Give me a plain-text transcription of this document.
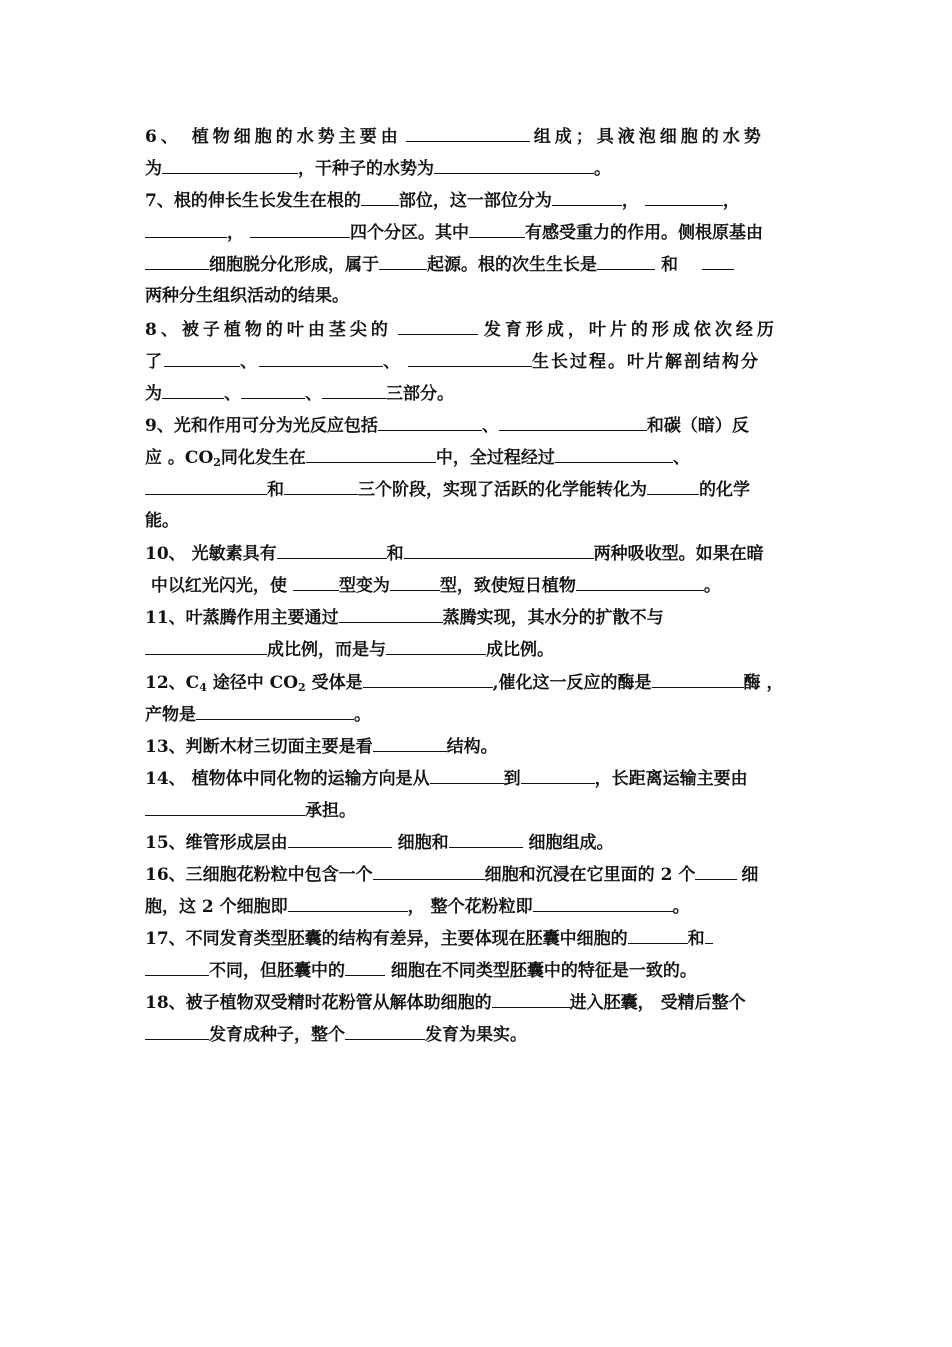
6、 植物细胞的水势主要由	组成；具液泡细胞的水势
为	，干种子的水势为	。
7、根的伸长生长发生在根的 部位，这一部位分为	，	，
，	四个分区。其中	有感受重力的作用。侧根原基由
细胞脱分化形成，属于	起源。根的次生生长是	和
两种分生组织活动的结果。
8、被子植物的叶由茎尖的	发育形成，叶片的形成依次经历
了	、	、	生长过程。叶片解剖结构分
为	、	、	三部分。
9、光和作用可分为光反应包括	、	和碳（暗）反
应 。$CO_2$同化发生在	中，全过程经过	、
和	三个阶段，实现了活跃的化学能转化为	的化学
能。
10、 光敏素具有	和	两种吸收型。如果在暗
中以红光闪光，使	型变为	型，致使短日植物	。
11、叶蒸腾作用主要通过	蒸腾实现，其水分的扩散不与
成比例，而是与	成比例。
12、$C_4$ 途径中 $CO_2$ 受体是	,催化这一反应的酶是	酶 ，
产物是	。
13、判断木材三切面主要是看	结构。
14、 植物体中同化物的运输方向是从	到	，长距离运输主要由
承担。
15、维管形成层由	细胞和	细胞组成。
16、三细胞花粉粒中包含一个	细胞和沉浸在它里面的 2 个	细
胞，这 2 个细胞即	， 整个花粉粒即	。
17、不同发育类型胚囊的结构有差异，主要体现在胚囊中细胞的	和
不同，但胚囊中的 细胞在不同类型胚囊中的特征是一致的。
18、被子植物双受精时花粉管从解体助细胞的	进入胚囊， 受精后整个
发育成种子，整个	发育为果实。
